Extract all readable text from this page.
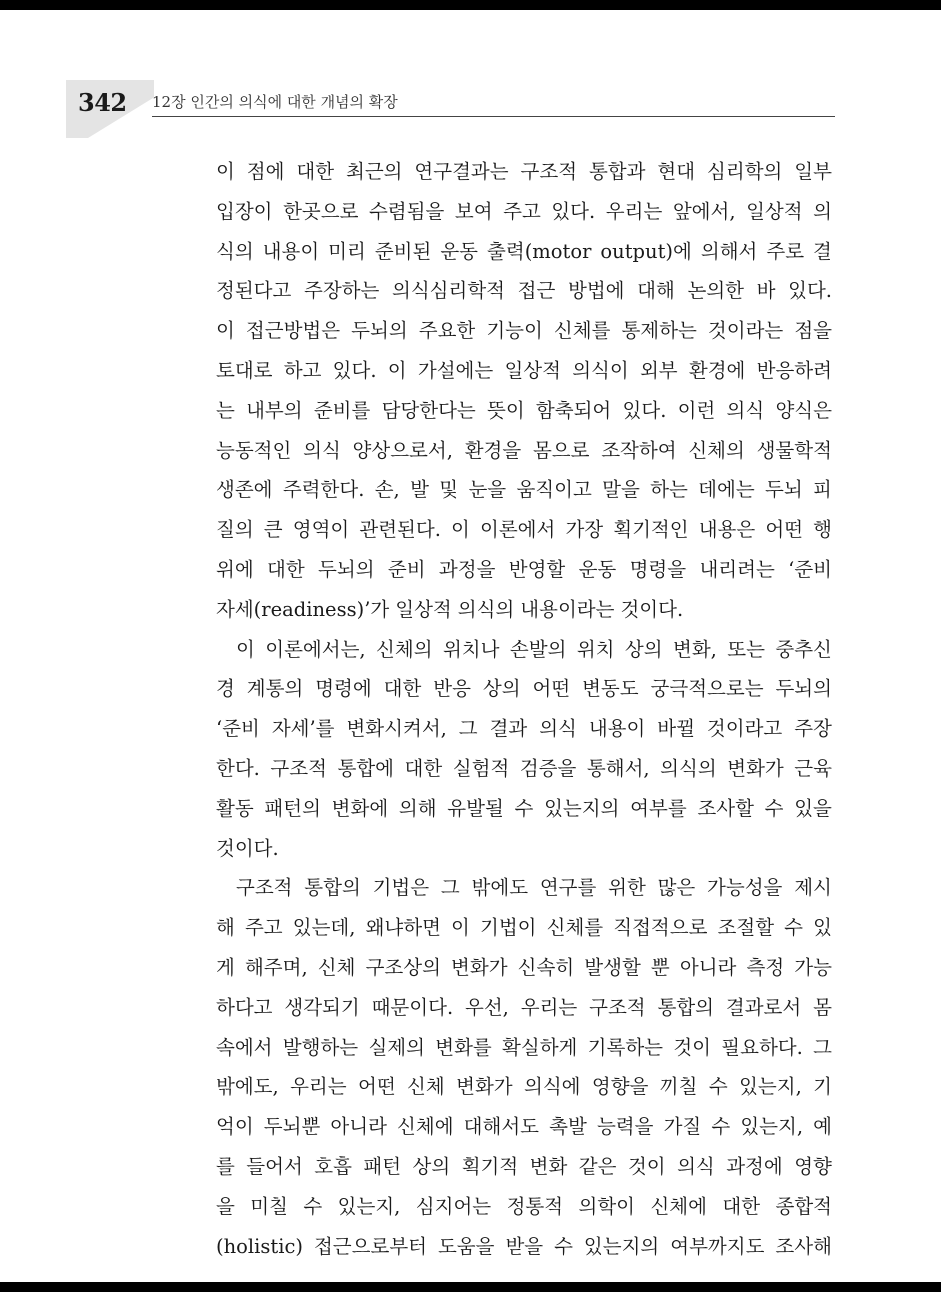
342 12장 인간의 의식에 대한 개념의 확장
이 점에 대한 최근의 연구결과는 구조적 통합과 현대 심리학의 일부
입장이 한곳으로 수렴됨을 보여 주고 있다. 우리는 앞에서, 일상적 의
식의 내용이 미리 준비된 운동 출력(motor output)에 의해서 주로 결
정된다고 주장하는 의식심리학적 접근 방법에 대해 논의한 바 있다.
이 접근방법은 두뇌의 주요한 기능이 신체를 통제하는 것이라는 점을
토대로 하고 있다. 이 가설에는 일상적 의식이 외부 환경에 반응하려
는 내부의 준비를 담당한다는 뜻이 함축되어 있다. 이런 의식 양식은
능동적인 의식 양상으로서, 환경을 몸으로 조작하여 신체의 생물학적
생존에 주력한다. 손, 발 및 눈을 움직이고 말을 하는 데에는 두뇌 피
질의 큰 영역이 관련된다. 이 이론에서 가장 획기적인 내용은 어떤 행
위에 대한 두뇌의 준비 과정을 반영할 운동 명령을 내리려는 ‘준비
자세(readiness)’가 일상적 의식의 내용이라는 것이다.
이 이론에서는, 신체의 위치나 손발의 위치 상의 변화, 또는 중추신
경 계통의 명령에 대한 반응 상의 어떤 변동도 궁극적으로는 두뇌의
‘준비 자세’를 변화시켜서, 그 결과 의식 내용이 바뀔 것이라고 주장
한다. 구조적 통합에 대한 실험적 검증을 통해서, 의식의 변화가 근육
활동 패턴의 변화에 의해 유발될 수 있는지의 여부를 조사할 수 있을
것이다.
구조적 통합의 기법은 그 밖에도 연구를 위한 많은 가능성을 제시
해 주고 있는데, 왜냐하면 이 기법이 신체를 직접적으로 조절할 수 있
게 해주며, 신체 구조상의 변화가 신속히 발생할 뿐 아니라 측정 가능
하다고 생각되기 때문이다. 우선, 우리는 구조적 통합의 결과로서 몸
속에서 발행하는 실제의 변화를 확실하게 기록하는 것이 필요하다. 그
밖에도, 우리는 어떤 신체 변화가 의식에 영향을 끼칠 수 있는지, 기
억이 두뇌뿐 아니라 신체에 대해서도 촉발 능력을 가질 수 있는지, 예
를 들어서 호흡 패턴 상의 획기적 변화 같은 것이 의식 과정에 영향
을 미칠 수 있는지, 심지어는 정통적 의학이 신체에 대한 종합적
(holistic) 접근으로부터 도움을 받을 수 있는지의 여부까지도 조사해
